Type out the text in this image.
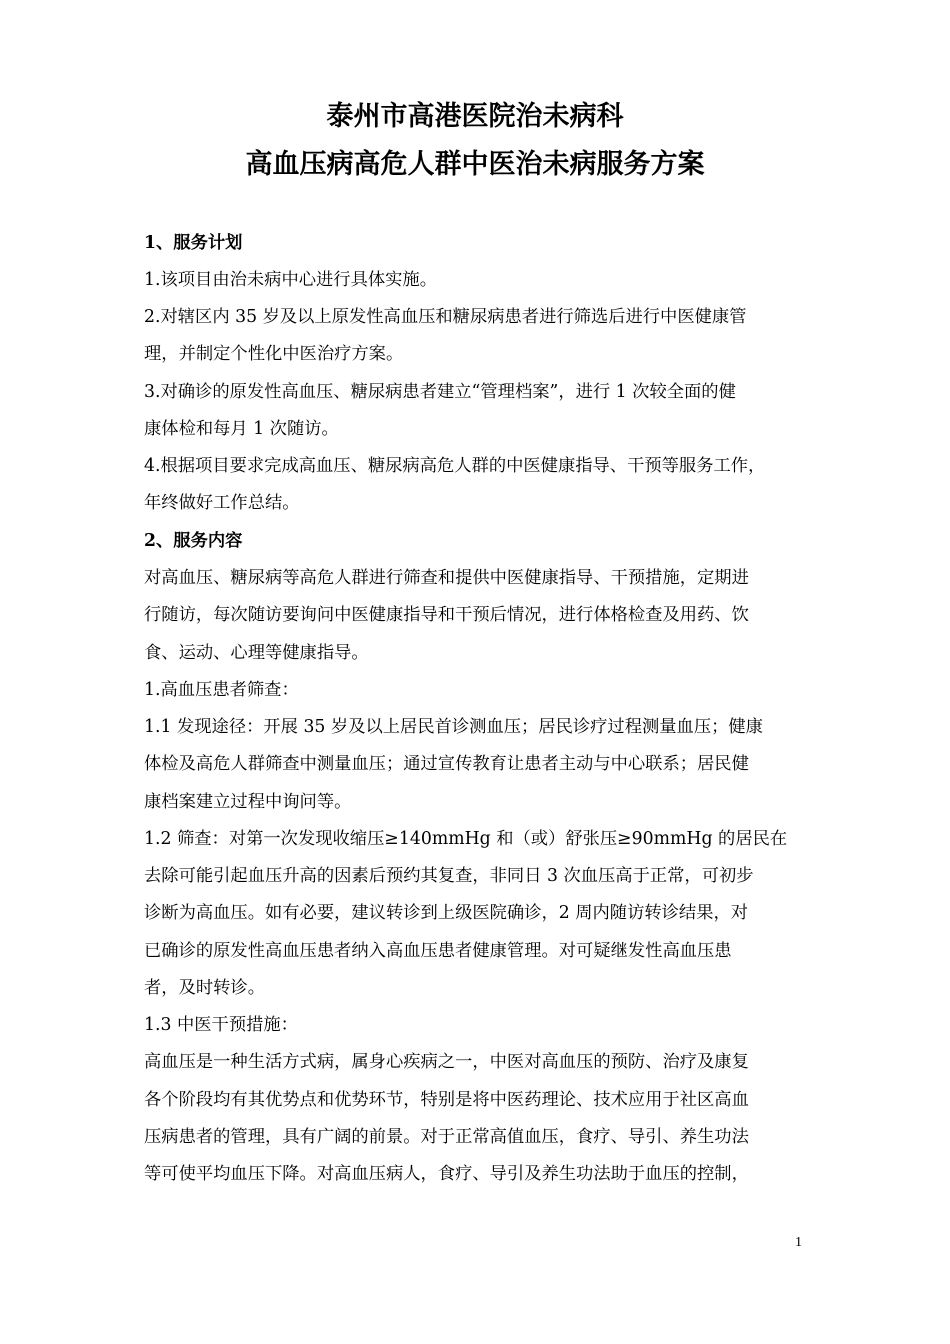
泰州市高港医院治未病科
高血压病高危人群中医治未病服务方案
1、服务计划
1.该项目由治未病中心进行具体实施。
2.对辖区内 35 岁及以上原发性高血压和糖尿病患者进行筛选后进行中医健康管
理，并制定个性化中医治疗方案。
3.对确诊的原发性高血压、糖尿病患者建立“管理档案”，进行 1 次较全面的健
康体检和每月 1 次随访。
4.根据项目要求完成高血压、糖尿病高危人群的中医健康指导、干预等服务工作，
年终做好工作总结。
2、服务内容
对高血压、糖尿病等高危人群进行筛查和提供中医健康指导、干预措施，定期进
行随访，每次随访要询问中医健康指导和干预后情况，进行体格检查及用药、饮
食、运动、心理等健康指导。
1.高血压患者筛查：
1.1 发现途径：开展 35 岁及以上居民首诊测血压；居民诊疗过程测量血压；健康
体检及高危人群筛查中测量血压；通过宣传教育让患者主动与中心联系；居民健
康档案建立过程中询问等。
1.2 筛查：对第一次发现收缩压≥140mmHg 和（或）舒张压≥90mmHg 的居民在
去除可能引起血压升高的因素后预约其复查，非同日 3 次血压高于正常，可初步
诊断为高血压。如有必要，建议转诊到上级医院确诊，2 周内随访转诊结果，对
已确诊的原发性高血压患者纳入高血压患者健康管理。对可疑继发性高血压患
者，及时转诊。
1.3 中医干预措施：
高血压是一种生活方式病，属身心疾病之一，中医对高血压的预防、治疗及康复
各个阶段均有其优势点和优势环节，特别是将中医药理论、技术应用于社区高血
压病患者的管理，具有广阔的前景。对于正常高值血压，食疗、导引、养生功法
等可使平均血压下降。对高血压病人，食疗、导引及养生功法助于血压的控制，
1
